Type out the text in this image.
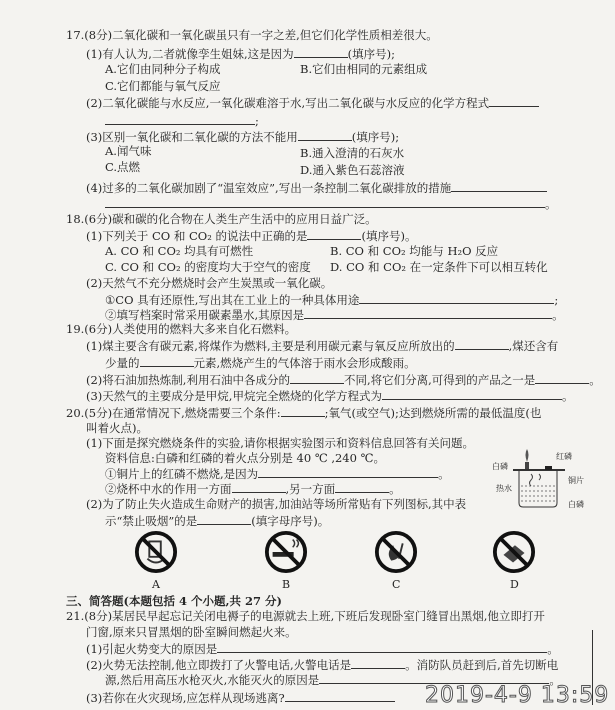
17.(8分)二氧化碳和一氧化碳虽只有一字之差,但它们化学性质相差很大。
(1)有人认为,二者就像孪生姐妹,这是因为	(填序号);
A.它们由同种分子构成	B.它们由相同的元素组成
C.它们都能与氧气反应
(2)二氧化碳能与水反应,一氧化碳难溶于水,写出二氧化碳与水反应的化学方程式
;
(3)区别一氧化碳和二氧化碳的方法不能用	(填序号);
A.闻气味	B.通入澄清的石灰水
C.点燃	D.通入紫色石蕊溶液
(4)过多的二氧化碳加剧了“温室效应”,写出一条控制二氧化碳排放的措施
。
18.(6分)碳和碳的化合物在人类生产生活中的应用日益广泛。
(1)下列关于 CO 和 CO₂ 的说法中正确的是	(填序号)。
A. CO 和 CO₂ 均具有可燃性	B. CO 和 CO₂ 均能与 H₂O 反应
C. CO 和 CO₂ 的密度均大于空气的密度 D. CO 和 CO₂ 在一定条件下可以相互转化
(2)天然气不充分燃烧时会产生炭黑或一氧化碳。
①CO 具有还原性,写出其在工业上的一种具体用途	;
②填写档案时常采用碳素墨水,其原因是	。
19.(6分)人类使用的燃料大多来自化石燃料。
(1)煤主要含有碳元素,将煤作为燃料,主要是利用碳元素与氧反应所放出的	,煤还含有
少量的	元素,燃烧产生的气体溶于雨水会形成酸雨。
(2)将石油加热炼制,利用石油中各成分的	不同,将它们分离,可得到的产品之一是	。
(3)天然气的主要成分是甲烷,甲烷完全燃烧的化学方程式为	。
20.(5分)在通常情况下,燃烧需要三个条件:	;氧气(或空气);达到燃烧所需的最低温度(也
叫着火点)。
(1)下面是探究燃烧条件的实验,请你根据实验图示和资料信息回答有关问题。
资料信息:白磷和红磷的着火点分别是 40 ℃ ,240 ℃。
①铜片上的红磷不燃烧,是因为	。
②烧杯中水的作用一方面	,另一方面	。
(2)为了防止失火造成生命财产的损害,加油站等场所常贴有下列图标,其中表
示“禁止吸烟”的是	(填字母序号)。
白磷
红磷
铜片
热水
白磷
A	B	C	D
三、简答题(本题包括 4 个小题,共 27 分)
21.(8分)某居民早起忘记关闭电褥子的电源就去上班,下班后发现卧室门缝冒出黑烟,他立即打开
门窗,原来只冒黑烟的卧室瞬间燃起火来。
(1)引起火势变大的原因是	。
(2)火势无法控制,他立即拨打了火警电话,火警电话是	。消防队员赶到后,首先切断电
源,然后用高压水枪灭火,水能灭火的原因是	。
(3)若你在火灾现场,应怎样从现场逃离?	2019-4-9 13:59
